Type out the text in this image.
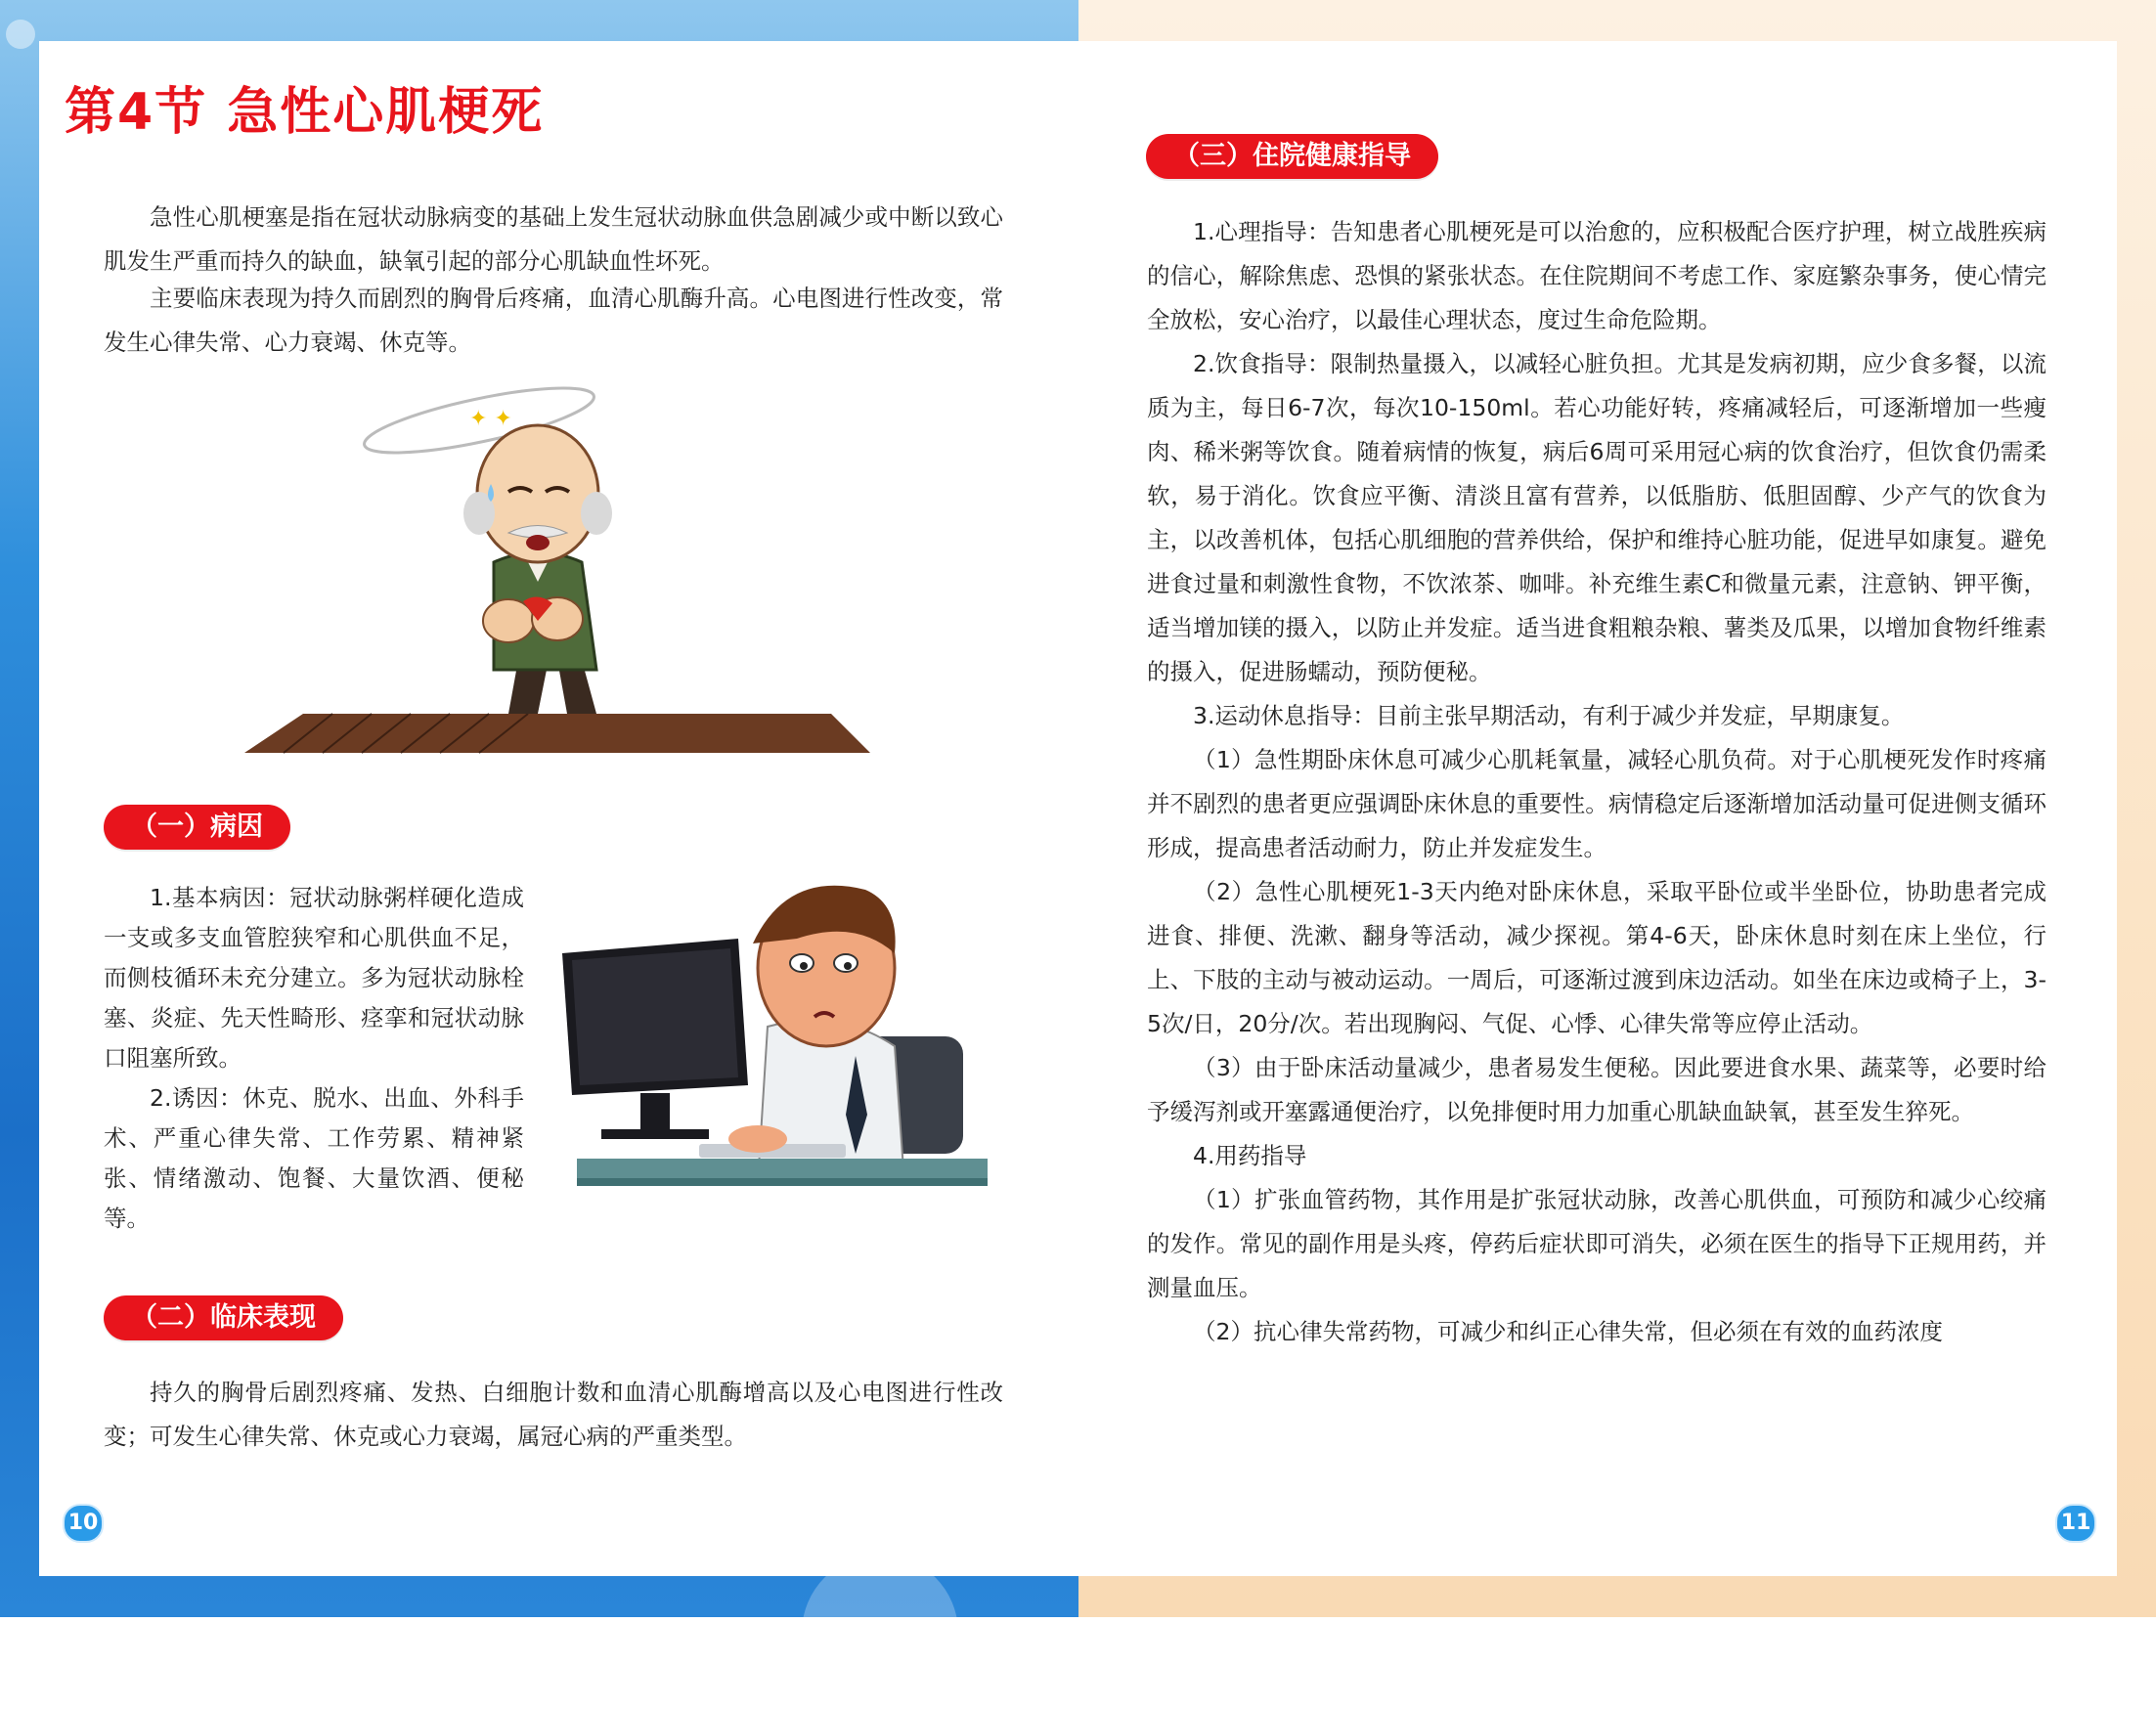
第4节 急性心肌梗死

急性心肌梗塞是指在冠状动脉病变的基础上发生冠状动脉血供急剧减少或中断以致心肌发生严重而持久的缺血，缺氧引起的部分心肌缺血性坏死。

主要临床表现为持久而剧烈的胸骨后疼痛，血清心肌酶升高。心电图进行性改变，常发生心律失常、心力衰竭、休克等。

✦ ✦
（一）病因

1.基本病因：冠状动脉粥样硬化造成一支或多支血管腔狭窄和心肌供血不足，而侧枝循环未充分建立。多为冠状动脉栓塞、炎症、先天性畸形、痉挛和冠状动脉口阻塞所致。

2.诱因：休克、脱水、出血、外科手术、严重心律失常、工作劳累、精神紧张、情绪激动、饱餐、大量饮酒、便秘等。

（二）临床表现

持久的胸骨后剧烈疼痛、发热、白细胞计数和血清心肌酶增高以及心电图进行性改变；可发生心律失常、休克或心力衰竭，属冠心病的严重类型。

10
（三）住院健康指导

1.心理指导：告知患者心肌梗死是可以治愈的，应积极配合医疗护理，树立战胜疾病的信心，解除焦虑、恐惧的紧张状态。在住院期间不考虑工作、家庭繁杂事务，使心情完全放松，安心治疗，以最佳心理状态，度过生命危险期。

2.饮食指导：限制热量摄入，以减轻心脏负担。尤其是发病初期，应少食多餐，以流质为主，每日6-7次，每次10-150ml。若心功能好转，疼痛减轻后，可逐渐增加一些瘦肉、稀米粥等饮食。随着病情的恢复，病后6周可采用冠心病的饮食治疗，但饮食仍需柔软，易于消化。饮食应平衡、清淡且富有营养，以低脂肪、低胆固醇、少产气的饮食为主，以改善机体，包括心肌细胞的营养供给，保护和维持心脏功能，促进早如康复。避免进食过量和刺激性食物，不饮浓茶、咖啡。补充维生素C和微量元素，注意钠、钾平衡，适当增加镁的摄入，以防止并发症。适当进食粗粮杂粮、薯类及瓜果，以增加食物纤维素的摄入，促进肠蠕动，预防便秘。

3.运动休息指导：目前主张早期活动，有利于减少并发症，早期康复。

（1）急性期卧床休息可减少心肌耗氧量，减轻心肌负荷。对于心肌梗死发作时疼痛并不剧烈的患者更应强调卧床休息的重要性。病情稳定后逐渐增加活动量可促进侧支循环形成，提高患者活动耐力，防止并发症发生。

（2）急性心肌梗死1-3天内绝对卧床休息，采取平卧位或半坐卧位，协助患者完成进食、排便、洗漱、翻身等活动，减少探视。第4-6天，卧床休息时刻在床上坐位，行上、下肢的主动与被动运动。一周后，可逐渐过渡到床边活动。如坐在床边或椅子上，3-5次/日，20分/次。若出现胸闷、气促、心悸、心律失常等应停止活动。

（3）由于卧床活动量减少，患者易发生便秘。因此要进食水果、蔬菜等，必要时给予缓泻剂或开塞露通便治疗，以免排便时用力加重心肌缺血缺氧，甚至发生猝死。

4.用药指导

（1）扩张血管药物，其作用是扩张冠状动脉，改善心肌供血，可预防和减少心绞痛的发作。常见的副作用是头疼，停药后症状即可消失，必须在医生的指导下正规用药，并测量血压。

（2）抗心律失常药物，可减少和纠正心律失常，但必须在有效的血药浓度

11
